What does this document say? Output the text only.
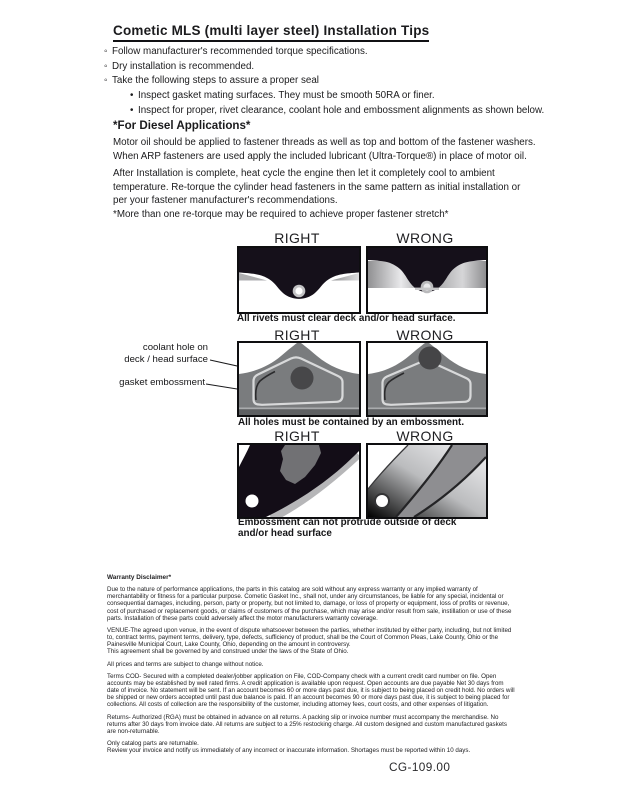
Cometic MLS (multi layer steel) Installation Tips
◦ Follow manufacturer's recommended torque specifications.
◦ Dry installation is recommended.
◦ Take the following steps to assure a proper seal
• Inspect gasket mating surfaces. They must be smooth 50RA or finer.
• Inspect for proper, rivet clearance, coolant hole and embossment alignments as shown below.
*For Diesel Applications*
Motor oil should be applied to fastener threads as well as top and bottom of the fastener washers. When ARP fasteners are used apply the included lubricant (Ultra-Torque®) in place of motor oil.
After Installation is complete, heat cycle the engine then let it completely cool to ambient temperature. Re-torque the cylinder head fasteners in the same pattern as initial installation or per your fastener manufacturer's recommendations.
*More than one re-torque may be required to achieve proper fastener stretch*
RIGHT	WRONG
All rivets must clear deck and/or head surface.
RIGHT	WRONG
coolant hole on
deck / head surface
gasket embossment
All holes must be contained by an embossment.
RIGHT	WRONG
Embossment can not protrude outside of deck
and/or head surface
Warranty Disclaimer*

Due to the nature of performance applications, the parts in this catalog are sold without any express warranty or any implied warranty of merchantability or fitness for a particular purpose. Cometic Gasket Inc., shall not, under any circumstances, be liable for any special, incidental or consequential damages, including, person, party or property, but not limited to, damage, or loss of property or equipment, loss of profits or revenue, cost of purchased or replacement goods, or claims of customers of the purchase, which may arise and/or result from sale, instillation or use of these parts. Installation of these parts could adversely affect the motor manufacturers warranty coverage.

VENUE-The agreed upon venue, in the event of dispute whatsoever between the parties, whether instituted by either party, including, but not limited to, contract terms, payment terms, delivery, type, defects, sufficiency of product, shall be the Court of Common Pleas, Lake County, Ohio or the Painesville Municipal Court, Lake County, Ohio, depending on the amount in controversy.

This agreement shall be governed by and construed under the laws of the State of Ohio.

All prices and terms are subject to change without notice.

Terms COD- Secured with a completed dealer/jobber application on File, COD-Company check with a current credit card number on file. Open accounts may be established by well rated firms. A credit application is available upon request. Open accounts are due payable Net 30 days from date of invoice. No statement will be sent. If an account becomes 60 or more days past due, it is subject to being placed on credit hold. No orders will be shipped or new orders accepted until past due balance is paid. If an account becomes 90 or more days past due, it is subject to being placed for collections. All costs of collection are the responsibility of the customer, including attorney fees, court costs, and other expenses of litigation.

Returns- Authorized (RGA) must be obtained in advance on all returns. A packing slip or invoice number must accompany the merchandise. No returns after 30 days from invoice date. All returns are subject to a 25% restocking charge. All custom designed and custom manufactured gaskets are non-returnable.

Only catalog parts are returnable.

Review your invoice and notify us immediately of any incorrect or inaccurate information. Shortages must be reported within 10 days.

CG-109.00
